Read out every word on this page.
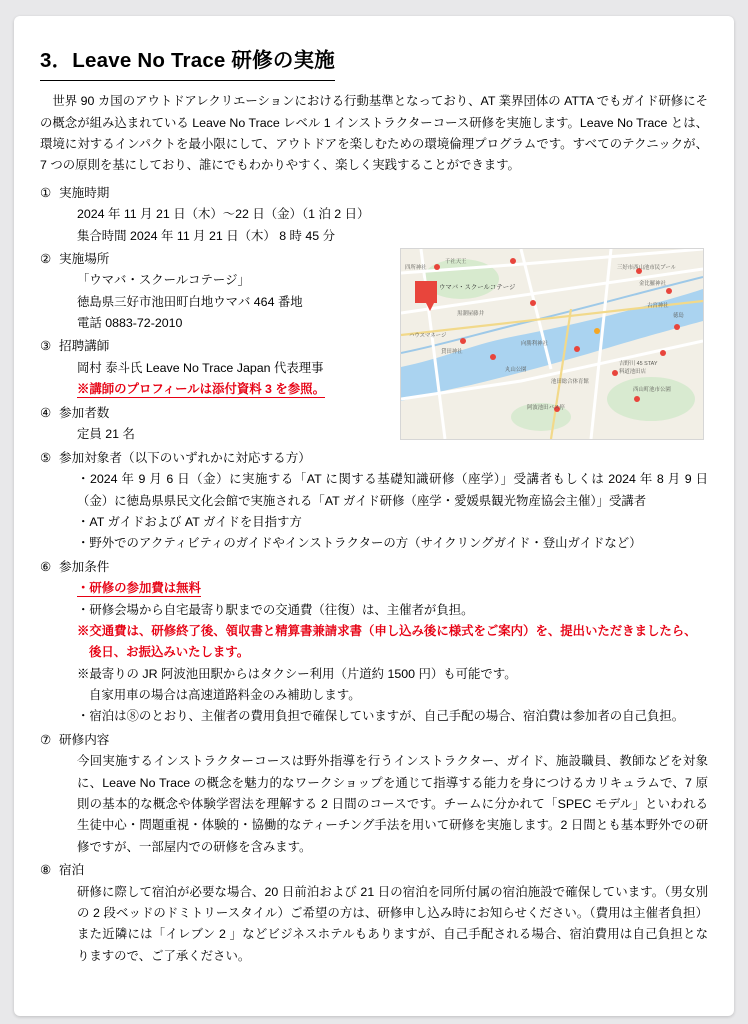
3．Leave No Trace 研修の実施

世界 90 カ国のアウトドアレクリエーションにおける行動基準となっており、AT 業界団体の ATTA でもガイド研修にその概念が組み込まれている Leave No Trace レベル 1 インストラクターコース研修を実施します。Leave No Trace とは、環境に対するインパクトを最小限にして、アウトドアを楽しむための環境倫理プログラムです。すべてのテクニックが、7 つの原則を基にしており、誰にでもわかりやすく、楽しく実践することができます。

① 実施時期
2024 年 11 月 21 日（木）〜22 日（金）（1 泊 2 日）
集合時間 2024 年 11 月 21 日（木） 8 時 45 分
千社天王
四所神社	三好市西山池市民プール
金比羅神社
黒潮屋藤井
古宮神社
ハウスマネージ
徳島
丸山公園
貸田神社
向勝利神社
池田総合体育館
吉野川 45 STAY
料道池田店
西山町池市公園
阿波池田バス停
ウマバ・スクールコテージ
② 実施場所
「ウマバ・スクールコテージ」
徳島県三好市池田町白地ウマバ 464 番地
電話 0883-72-2010
③ 招聘講師
岡村 泰斗氏 Leave No Trace Japan 代表理事
※講師のプロフィールは添付資料 3 を参照。
④ 参加者数
定員 21 名
⑤ 参加対象者（以下のいずれかに対応する方）
・2024 年 9 月 6 日（金）に実施する「AT に関する基礎知識研修（座学）」受講者もしくは 2024 年 8 月 9 日（金）に徳島県県民文化会館で実施される「AT ガイド研修（座学・愛媛県観光物産協会主催）」受講者
・AT ガイドおよび AT ガイドを目指す方
・野外でのアクティビティのガイドやインストラクターの方（サイクリングガイド・登山ガイドなど）
⑥ 参加条件
・研修の参加費は無料
・研修会場から自宅最寄り駅までの交通費（往復）は、主催者が負担。
※交通費は、研修終了後、領収書と精算書兼請求書（申し込み後に様式をご案内）を、提出いただきましたら、
後日、お振込みいたします。
※最寄りの JR 阿波池田駅からはタクシー利用（片道約 1500 円）も可能です。
自家用車の場合は高速道路料金のみ補助します。
・宿泊は⑧のとおり、主催者の費用負担で確保していますが、自己手配の場合、宿泊費は参加者の自己負担。
⑦ 研修内容
今回実施するインストラクターコースは野外指導を行うインストラクター、ガイド、施設職員、教師などを対象に、Leave No Trace の概念を魅力的なワークショップを通じて指導する能力を身につけるカリキュラムで、7 原則の基本的な概念や体験学習法を理解する 2 日間のコースです。チームに分かれて「SPEC モデル」といわれる生徒中心・問題重視・体験的・協働的なティーチング手法を用いて研修を実施します。2 日間とも基本野外での研修ですが、一部屋内での研修を含みます。
⑧ 宿泊
研修に際して宿泊が必要な場合、20 日前泊および 21 日の宿泊を同所付属の宿泊施設で確保しています。（男女別の 2 段ベッドのドミトリースタイル）ご希望の方は、研修申し込み時にお知らせください。（費用は主催者負担）また近隣には「イレブン 2 」などビジネスホテルもありますが、自己手配される場合、宿泊費用は自己負担となりますので、ご了承ください。
